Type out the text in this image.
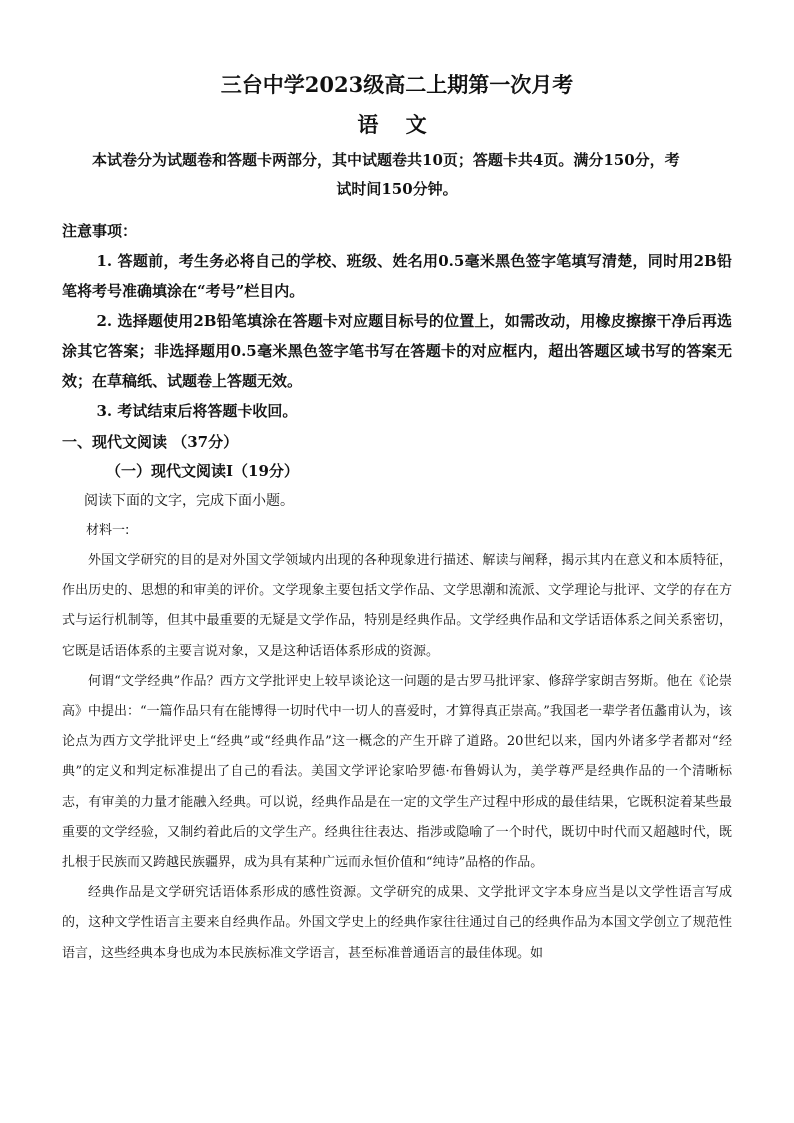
三台中学2023级高二上期第一次月考
语 文

本试卷分为试题卷和答题卡两部分，其中试题卷共10页；答题卡共4页。满分150分，考

试时间150分钟。

注意事项：

1. 答题前，考生务必将自己的学校、班级、姓名用0.5毫米黑色签字笔填写清楚，同时用2B铅笔将考号准确填涂在“考号”栏目内。

2. 选择题使用2B铅笔填涂在答题卡对应题目标号的位置上，如需改动，用橡皮擦擦干净后再选涂其它答案；非选择题用0.5毫米黑色签字笔书写在答题卡的对应框内，超出答题区域书写的答案无效；在草稿纸、试题卷上答题无效。

3. 考试结束后将答题卡收回。

一、现代文阅读 （37分）

（一）现代文阅读Ⅰ（19分）

阅读下面的文字，完成下面小题。

材料一:

外国文学研究的目的是对外国文学领域内出现的各种现象进行描述、解读与阐释，揭示其内在意义和本质特征，作出历史的、思想的和审美的评价。文学现象主要包括文学作品、文学思潮和流派、文学理论与批评、文学的存在方式与运行机制等，但其中最重要的无疑是文学作品，特别是经典作品。文学经典作品和文学话语体系之间关系密切，它既是话语体系的主要言说对象，又是这种话语体系形成的资源。

何谓“文学经典”作品？西方文学批评史上较早谈论这一问题的是古罗马批评家、修辞学家朗吉努斯。他在《论崇高》中提出：“一篇作品只有在能博得一切时代中一切人的喜爱时，才算得真正崇高。”我国老一辈学者伍蠡甫认为，该论点为西方文学批评史上“经典”或“经典作品”这一概念的产生开辟了道路。20世纪以来，国内外诸多学者都对“经典”的定义和判定标准提出了自己的看法。美国文学评论家哈罗德·布鲁姆认为，美学尊严是经典作品的一个清晰标志，有审美的力量才能融入经典。可以说，经典作品是在一定的文学生产过程中形成的最佳结果，它既积淀着某些最重要的文学经验，又制约着此后的文学生产。经典往往表达、指涉或隐喻了一个时代，既切中时代而又超越时代，既扎根于民族而又跨越民族疆界，成为具有某种广远而永恒价值和“纯诗”品格的作品。

经典作品是文学研究话语体系形成的感性资源。文学研究的成果、文学批评文字本身应当是以文学性语言写成的，这种文学性语言主要来自经典作品。外国文学史上的经典作家往往通过自己的经典作品为本国文学创立了规范性语言，这些经典本身也成为本民族标准文学语言，甚至标准普通语言的最佳体现。如
